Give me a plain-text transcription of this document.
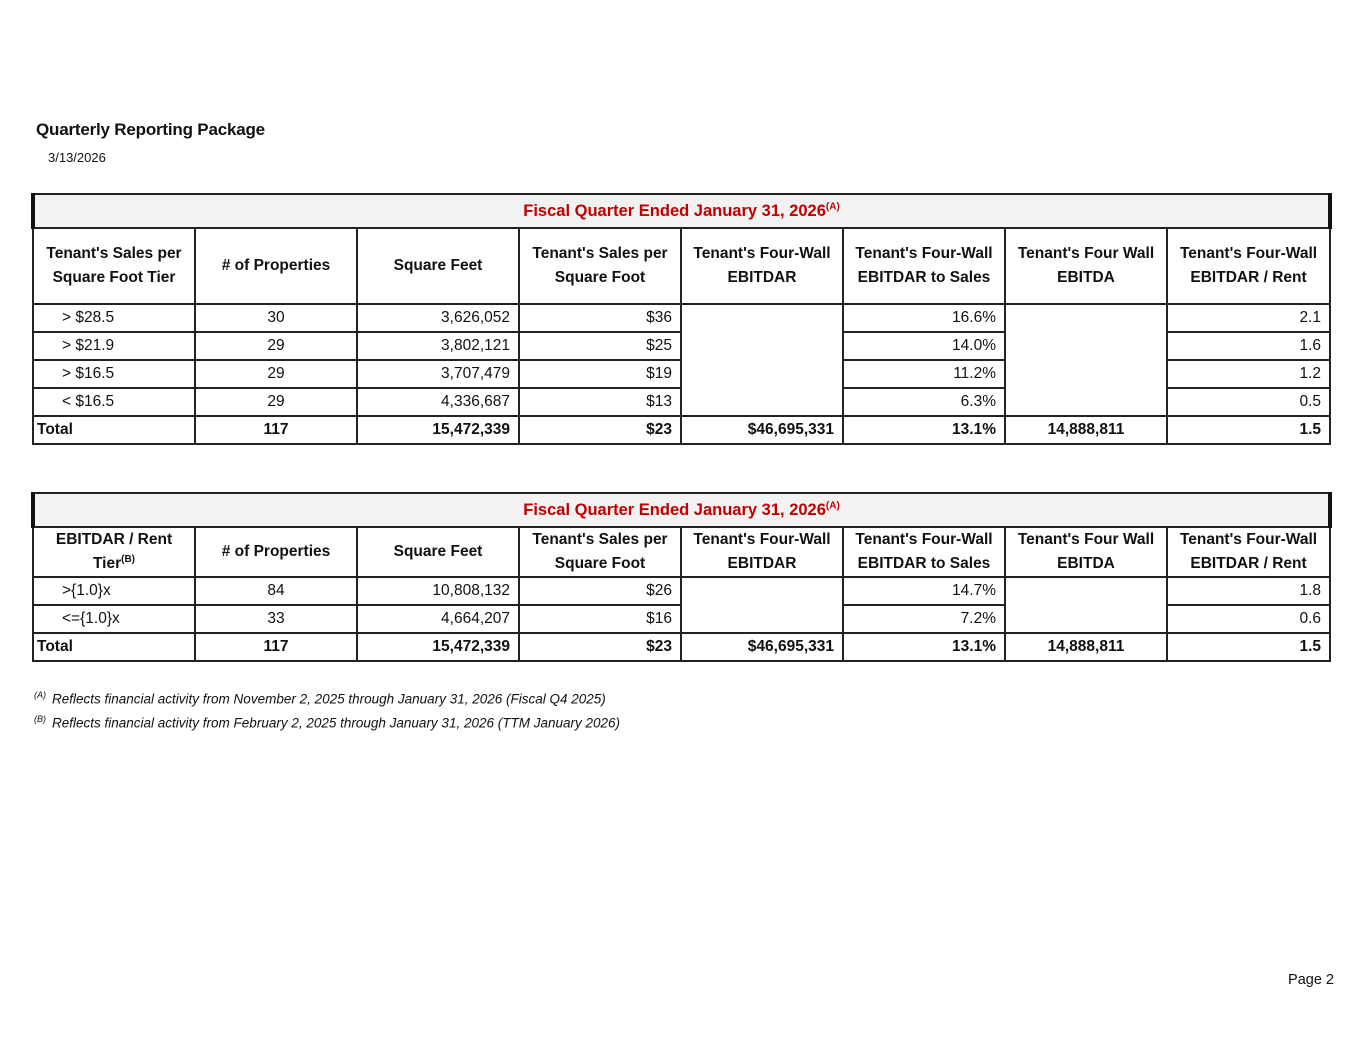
Quarterly Reporting Package
3/13/2026
Fiscal Quarter Ended January 31, $2026^{(A)}$
Tenant's Sales per Square Foot Tier	# of Properties	Square Feet	Tenant's Sales per Square Foot	Tenant's Four-Wall EBITDAR	Tenant's Four-Wall EBITDAR to Sales	Tenant's Four Wall EBITDA	Tenant's Four-Wall EBITDAR / Rent
> $28.5	30	3,626,052	$36		16.6%		2.1
> $21.9	29	3,802,121	$25		14.0%		1.6
> $16.5	29	3,707,479	$19		11.2%		1.2
< $16.5	29	4,336,687	$13		6.3%		0.5
Total	117	15,472,339	$23	$46,695,331	13.1%	14,888,811	1.5
Fiscal Quarter Ended January 31, $2026^{(A)}$
EBITDAR / Rent Tier$^{(B)}$	# of Properties	Square Feet	Tenant's Sales per Square Foot	Tenant's Four-Wall EBITDAR	Tenant's Four-Wall EBITDAR to Sales	Tenant's Four Wall EBITDA	Tenant's Four-Wall EBITDAR / Rent
>{1.0}x	84	10,808,132	$26		14.7%		1.8
<={1.0}x	33	4,664,207	$16		7.2%		0.6
Total	117	15,472,339	$23	$46,695,331	13.1%	14,888,811	1.5
$^{(A)}$ Reflects financial activity from November 2, 2025 through January 31, 2026 (Fiscal Q4 2025)
$^{(B)}$ Reflects financial activity from February 2, 2025 through January 31, 2026 (TTM January 2026)
Page 2
